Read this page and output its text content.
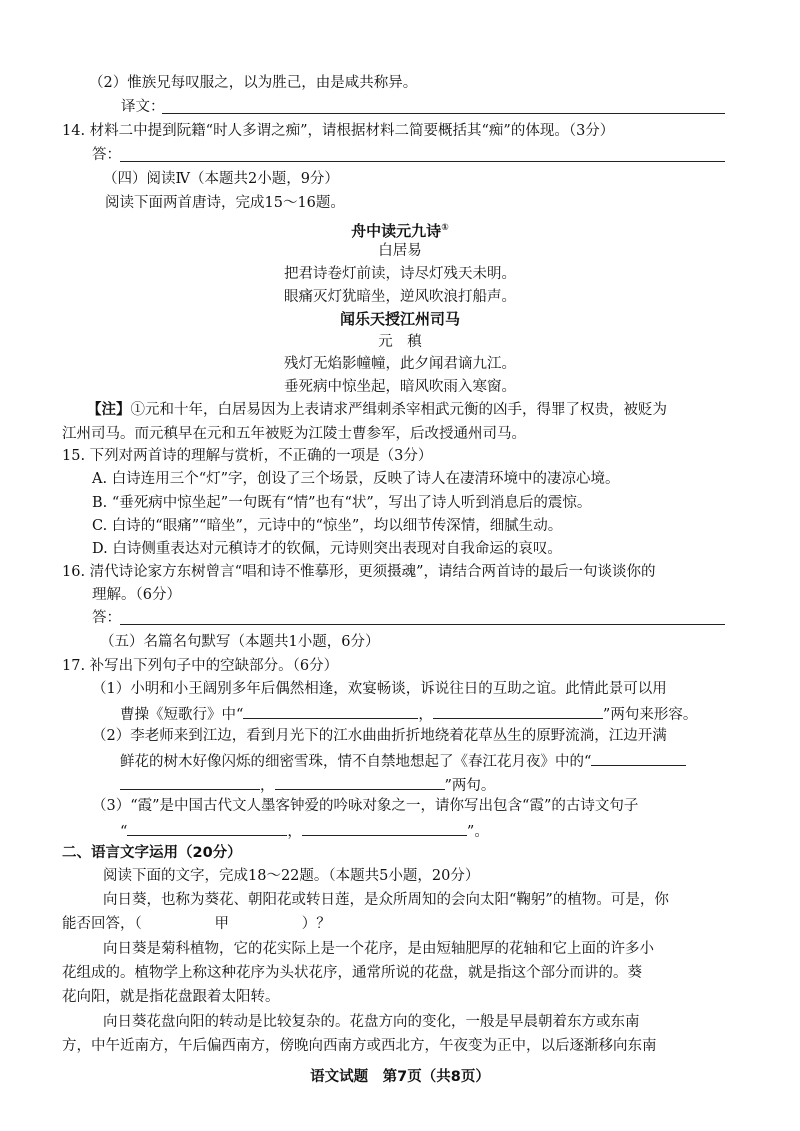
（2）惟族兄每叹服之，以为胜己，由是咸共称异。
译文：
14. 材料二中提到阮籍“时人多谓之痴”，请根据材料二简要概括其“痴”的体现。（3分）
答：
（四）阅读Ⅳ（本题共2小题，9分）
阅读下面两首唐诗，完成15～16题。
舟中读元九诗①
白居易
把君诗卷灯前读，诗尽灯残天未明。
眼痛灭灯犹暗坐，逆风吹浪打船声。
闻乐天授江州司马
元　稹
残灯无焰影幢幢，此夕闻君谪九江。
垂死病中惊坐起，暗风吹雨入寒窗。
【注】①元和十年，白居易因为上表请求严缉刺杀宰相武元衡的凶手，得罪了权贵，被贬为
江州司马。而元稹早在元和五年被贬为江陵士曹参军，后改授通州司马。
15. 下列对两首诗的理解与赏析，不正确的一项是（3分）
A. 白诗连用三个“灯”字，创设了三个场景，反映了诗人在凄清环境中的凄凉心境。
B. “垂死病中惊坐起”一句既有“情”也有“状”，写出了诗人听到消息后的震惊。
C. 白诗的“眼痛”“暗坐”，元诗中的“惊坐”，均以细节传深情，细腻生动。
D. 白诗侧重表达对元稹诗才的钦佩，元诗则突出表现对自我命运的哀叹。
16. 清代诗论家方东树曾言“唱和诗不惟摹形，更须摄魂”，请结合两首诗的最后一句谈谈你的
理解。（6分）
答：
（五）名篇名句默写（本题共1小题，6分）
17. 补写出下列句子中的空缺部分。（6分）
（1）小明和小王阔别多年后偶然相逢，欢宴畅谈，诉说往日的互助之谊。此情此景可以用
曹操《短歌行》中“	，	”两句来形容。
（2）李老师来到江边，看到月光下的江水曲曲折折地绕着花草丛生的原野流淌，江边开满
鲜花的树木好像闪烁的细密雪珠，情不自禁地想起了《春江花月夜》中的“
，	”两句。
（3）“霞”是中国古代文人墨客钟爱的吟咏对象之一，请你写出包含“霞”的古诗文句子
“	，	”。
二、语言文字运用（20分）
阅读下面的文字，完成18～22题。（本题共5小题，20分）
向日葵，也称为葵花、朝阳花或转日莲，是众所周知的会向太阳“鞠躬”的植物。可是，你
能否回答，（	甲	）？
向日葵是菊科植物，它的花实际上是一个花序，是由短轴肥厚的花轴和它上面的许多小
花组成的。植物学上称这种花序为头状花序，通常所说的花盘，就是指这个部分而讲的。葵
花向阳，就是指花盘跟着太阳转。
向日葵花盘向阳的转动是比较复杂的。花盘方向的变化，一般是早晨朝着东方或东南
方，中午近南方，午后偏西南方，傍晚向西南方或西北方，午夜变为正中，以后逐渐移向东南
语文试题　第7页（共8页）
